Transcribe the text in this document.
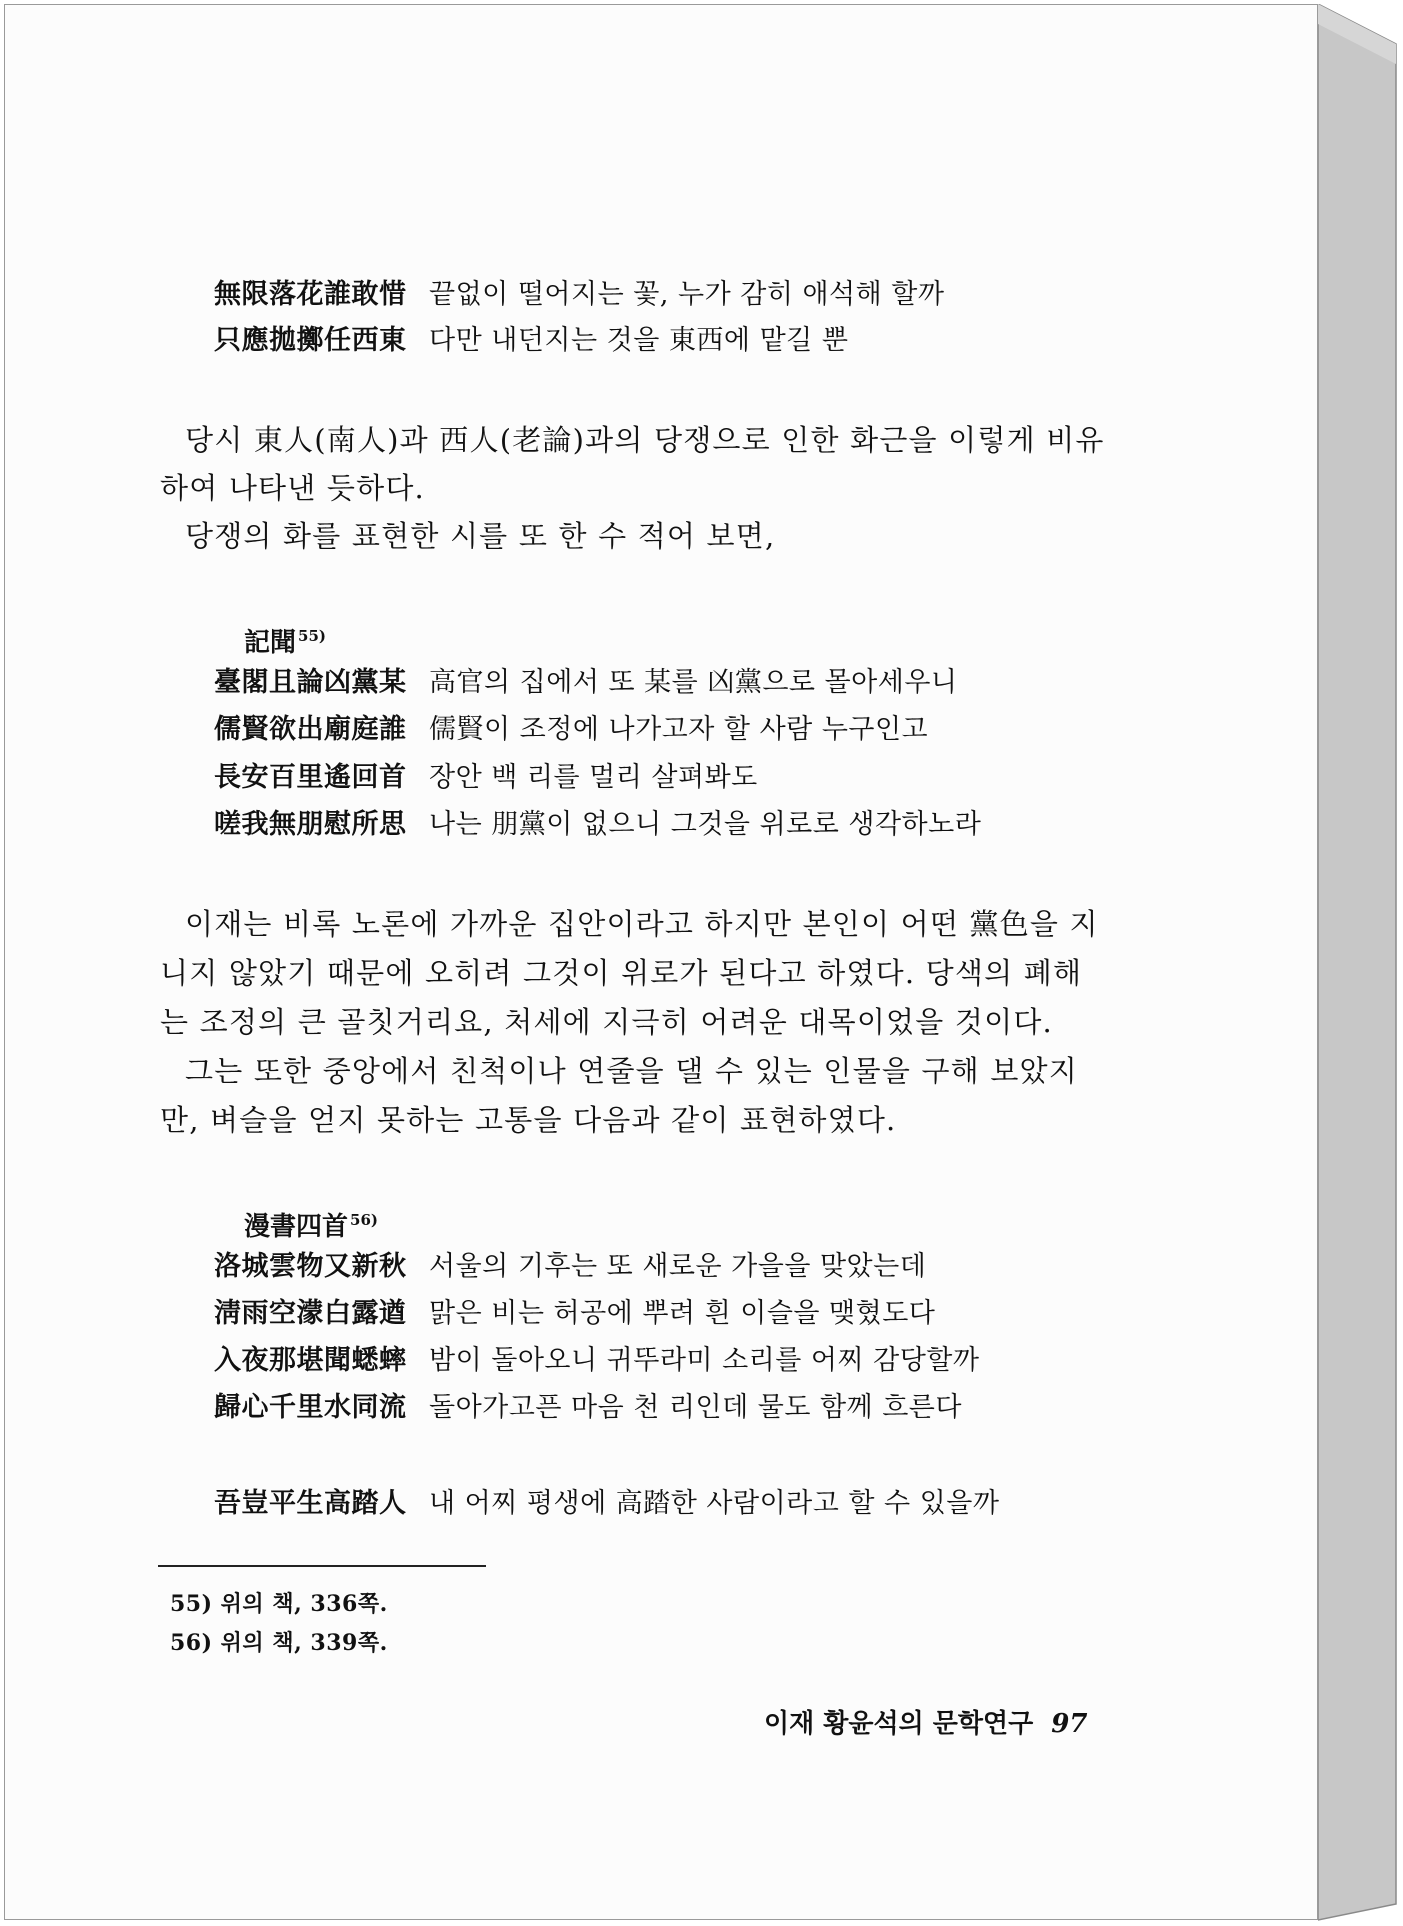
無限落花誰敢惜 끝없이 떨어지는 꽃, 누가 감히 애석해 할까
只應拋擲任西東 다만 내던지는 것을 東西에 맡길 뿐
당시 東人(南人)과 西人(老論)과의 당쟁으로 인한 화근을 이렇게 비유
하여 나타낸 듯하다.
당쟁의 화를 표현한 시를 또 한 수 적어 보면,
記聞 $^{55)}$
臺閣且論凶黨某 高官의 집에서 또 某를 凶黨으로 몰아세우니
儒賢欲出廟庭誰 儒賢이 조정에 나가고자 할 사람 누구인고
長安百里遙回首 장안 백 리를 멀리 살펴봐도
嗟我無朋慰所思 나는 朋黨이 없으니 그것을 위로로 생각하노라
이재는 비록 노론에 가까운 집안이라고 하지만 본인이 어떤 黨色을 지
니지 않았기 때문에 오히려 그것이 위로가 된다고 하였다. 당색의 폐해
는 조정의 큰 골칫거리요, 처세에 지극히 어려운 대목이었을 것이다.
그는 또한 중앙에서 친척이나 연줄을 댈 수 있는 인물을 구해 보았지
만, 벼슬을 얻지 못하는 고통을 다음과 같이 표현하였다.
漫書四首 $^{56)}$
洛城雲物又新秋 서울의 기후는 또 새로운 가을을 맞았는데
淸雨空濛白露遒 맑은 비는 허공에 뿌려 흰 이슬을 맺혔도다
入夜那堪聞蟋蟀 밤이 돌아오니 귀뚜라미 소리를 어찌 감당할까
歸心千里水同流 돌아가고픈 마음 천 리인데 물도 함께 흐른다
吾豈平生高踏人 내 어찌 평생에 高踏한 사람이라고 할 수 있을까
55) 위의 책, 336쪽.
56) 위의 책, 339쪽.
이재 황윤석의 문학연구 97
